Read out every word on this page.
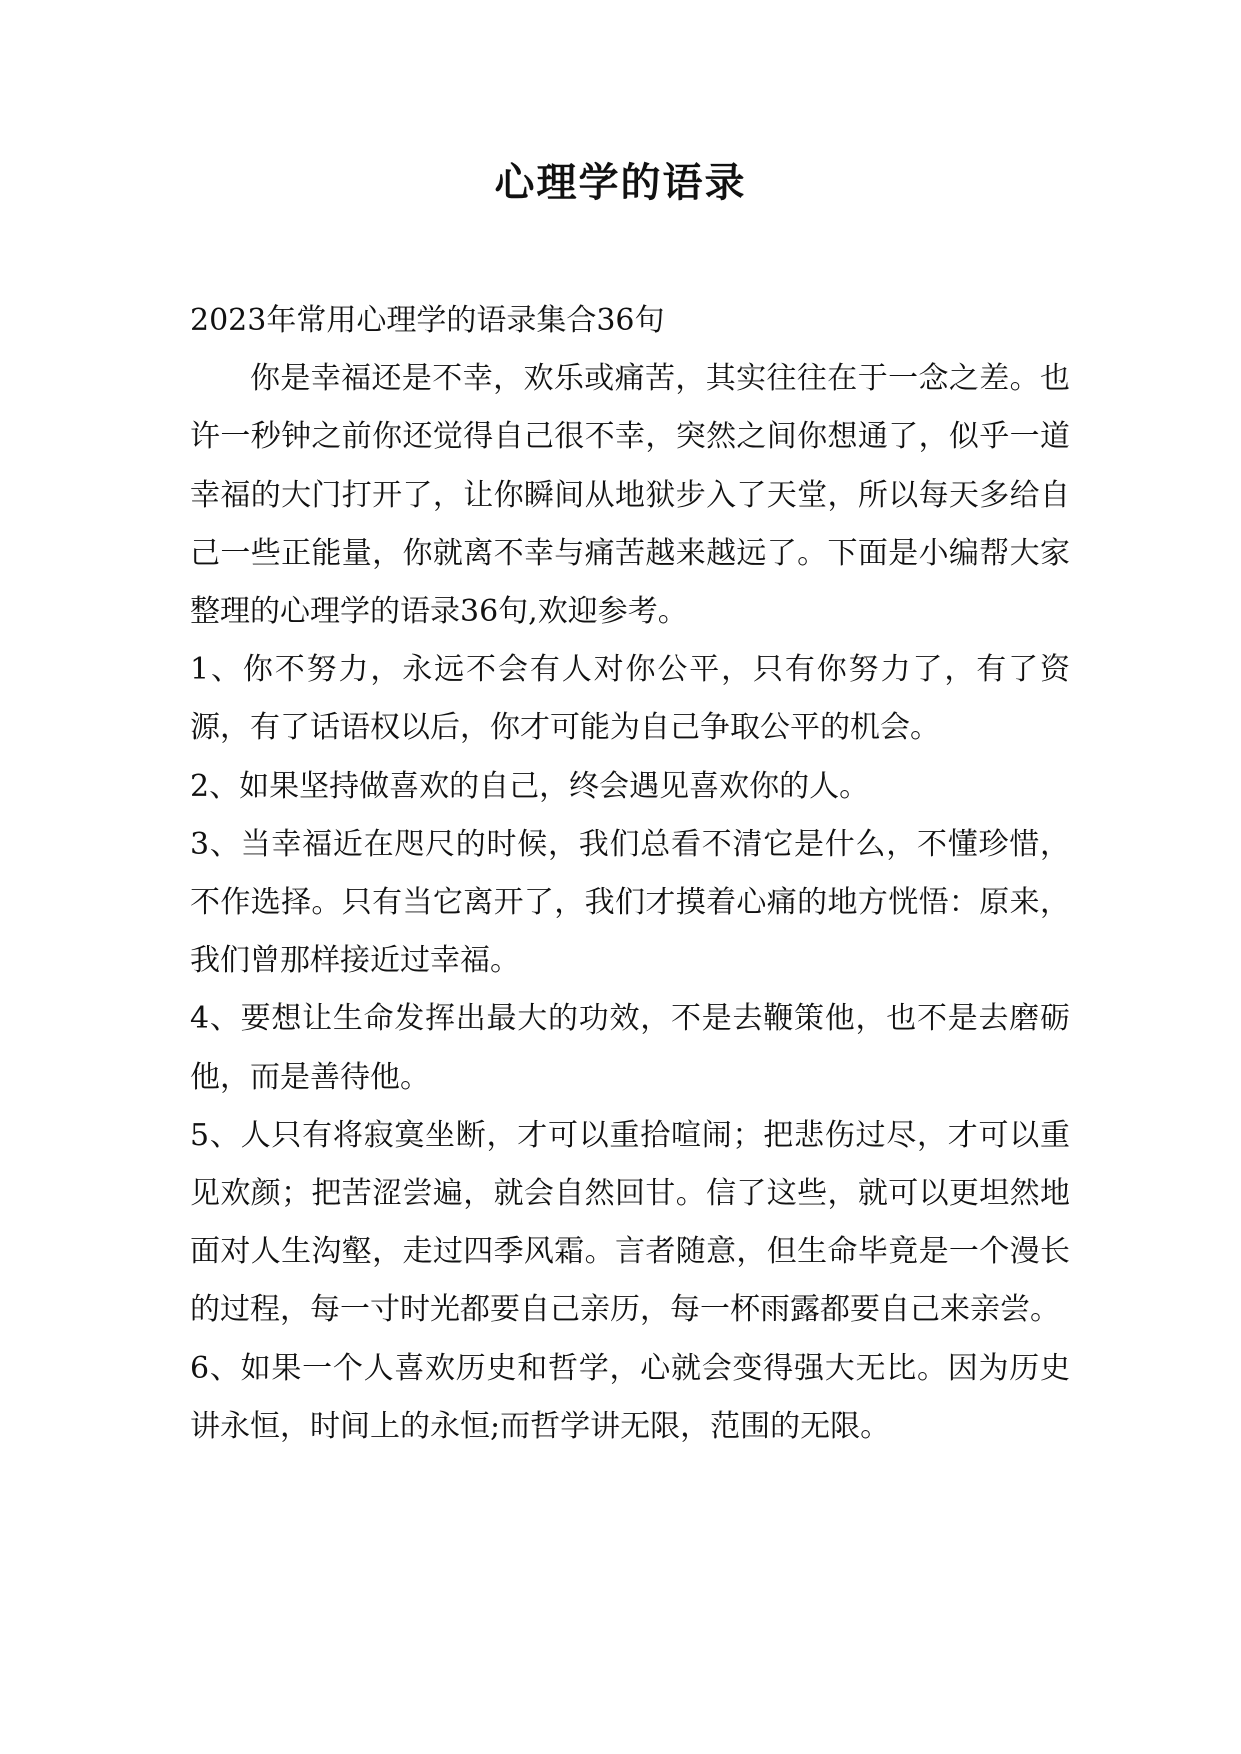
心理学的语录

2023年常用心理学的语录集合36句

你是幸福还是不幸，欢乐或痛苦，其实往往在于一念之差。也许一秒钟之前你还觉得自己很不幸，突然之间你想通了，似乎一道幸福的大门打开了，让你瞬间从地狱步入了天堂，所以每天多给自己一些正能量，你就离不幸与痛苦越来越远了。下面是小编帮大家整理的心理学的语录36句,欢迎参考。

1、你不努力，永远不会有人对你公平，只有你努力了，有了资源，有了话语权以后，你才可能为自己争取公平的机会。

2、如果坚持做喜欢的自己，终会遇见喜欢你的人。

3、当幸福近在咫尺的时候，我们总看不清它是什么，不懂珍惜，不作选择。只有当它离开了，我们才摸着心痛的地方恍悟：原来，我们曾那样接近过幸福。

4、要想让生命发挥出最大的功效，不是去鞭策他，也不是去磨砺他，而是善待他。

5、人只有将寂寞坐断，才可以重拾喧闹；把悲伤过尽，才可以重见欢颜；把苦涩尝遍，就会自然回甘。信了这些，就可以更坦然地面对人生沟壑，走过四季风霜。言者随意，但生命毕竟是一个漫长的过程，每一寸时光都要自己亲历，每一杯雨露都要自己来亲尝。

6、如果一个人喜欢历史和哲学，心就会变得强大无比。因为历史讲永恒，时间上的永恒;而哲学讲无限，范围的无限。
